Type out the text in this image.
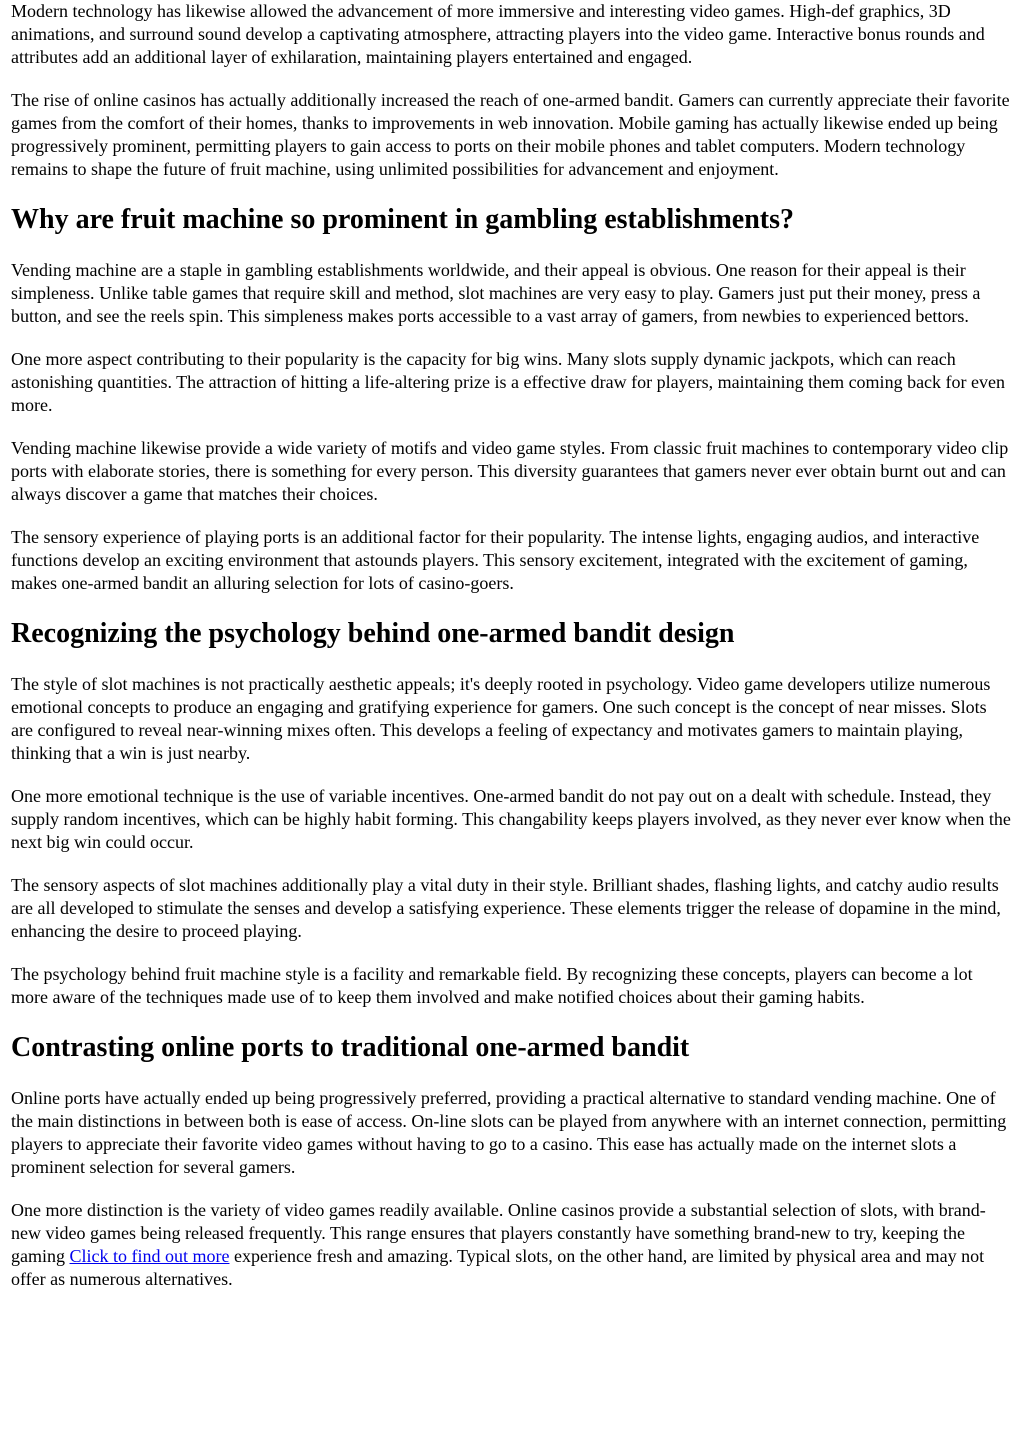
Modern technology has likewise allowed the advancement of more immersive and interesting video games. High-def graphics, 3D animations, and surround sound develop a captivating atmosphere, attracting players into the video game. Interactive bonus rounds and attributes add an additional layer of exhilaration, maintaining players entertained and engaged.

The rise of online casinos has actually additionally increased the reach of one-armed bandit. Gamers can currently appreciate their favorite games from the comfort of their homes, thanks to improvements in web innovation. Mobile gaming has actually likewise ended up being progressively prominent, permitting players to gain access to ports on their mobile phones and tablet computers. Modern technology remains to shape the future of fruit machine, using unlimited possibilities for advancement and enjoyment.

Why are fruit machine so prominent in gambling establishments?

Vending machine are a staple in gambling establishments worldwide, and their appeal is obvious. One reason for their appeal is their simpleness. Unlike table games that require skill and method, slot machines are very easy to play. Gamers just put their money, press a button, and see the reels spin. This simpleness makes ports accessible to a vast array of gamers, from newbies to experienced bettors.

One more aspect contributing to their popularity is the capacity for big wins. Many slots supply dynamic jackpots, which can reach astonishing quantities. The attraction of hitting a life-altering prize is a effective draw for players, maintaining them coming back for even more.

Vending machine likewise provide a wide variety of motifs and video game styles. From classic fruit machines to contemporary video clip ports with elaborate stories, there is something for every person. This diversity guarantees that gamers never ever obtain burnt out and can always discover a game that matches their choices.

The sensory experience of playing ports is an additional factor for their popularity. The intense lights, engaging audios, and interactive functions develop an exciting environment that astounds players. This sensory excitement, integrated with the excitement of gaming, makes one-armed bandit an alluring selection for lots of casino-goers.

Recognizing the psychology behind one-armed bandit design

The style of slot machines is not practically aesthetic appeals; it's deeply rooted in psychology. Video game developers utilize numerous emotional concepts to produce an engaging and gratifying experience for gamers. One such concept is the concept of near misses. Slots are configured to reveal near-winning mixes often. This develops a feeling of expectancy and motivates gamers to maintain playing, thinking that a win is just nearby.

One more emotional technique is the use of variable incentives. One-armed bandit do not pay out on a dealt with schedule. Instead, they supply random incentives, which can be highly habit forming. This changability keeps players involved, as they never ever know when the next big win could occur.

The sensory aspects of slot machines additionally play a vital duty in their style. Brilliant shades, flashing lights, and catchy audio results are all developed to stimulate the senses and develop a satisfying experience. These elements trigger the release of dopamine in the mind, enhancing the desire to proceed playing.

The psychology behind fruit machine style is a facility and remarkable field. By recognizing these concepts, players can become a lot more aware of the techniques made use of to keep them involved and make notified choices about their gaming habits.

Contrasting online ports to traditional one-armed bandit

Online ports have actually ended up being progressively preferred, providing a practical alternative to standard vending machine. One of the main distinctions in between both is ease of access. On-line slots can be played from anywhere with an internet connection, permitting players to appreciate their favorite video games without having to go to a casino. This ease has actually made on the internet slots a prominent selection for several gamers.

One more distinction is the variety of video games readily available. Online casinos provide a substantial selection of slots, with brand-new video games being released frequently. This range ensures that players constantly have something brand-new to try, keeping the gaming Click to find out more experience fresh and amazing. Typical slots, on the other hand, are limited by physical area and may not offer as numerous alternatives.
